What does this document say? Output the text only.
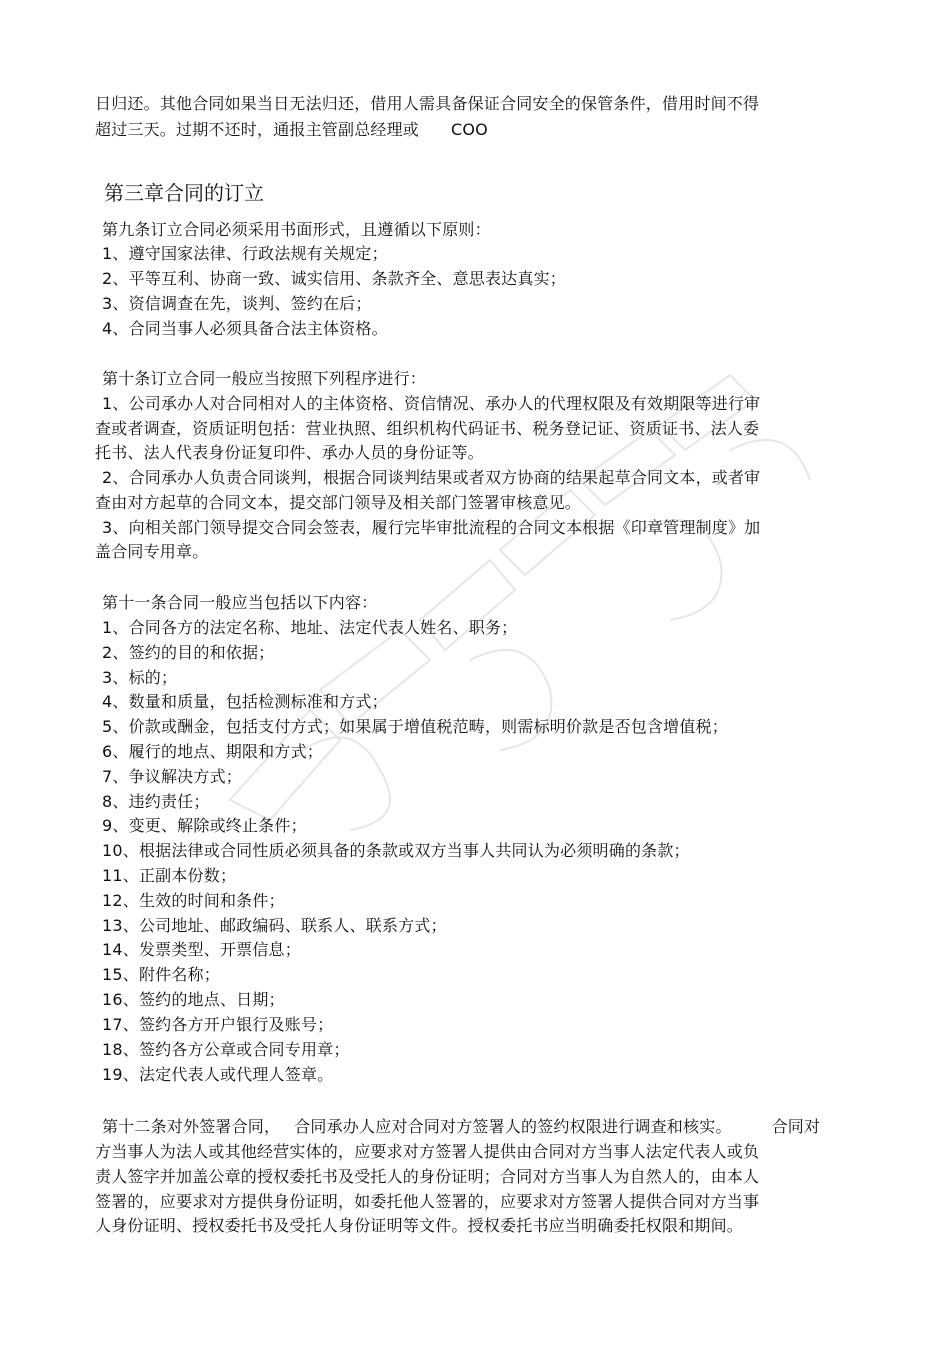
日归还。其他合同如果当日无法归还，借用人需具备保证合同安全的保管条件，借用时间不得
超过三天。过期不还时，通报主管副总经理或 COO
第三章合同的订立
第九条订立合同必须采用书面形式，且遵循以下原则：
1、遵守国家法律、行政法规有关规定；
2、平等互利、协商一致、诚实信用、条款齐全、意思表达真实；
3、资信调查在先，谈判、签约在后；
4、合同当事人必须具备合法主体资格。
第十条订立合同一般应当按照下列程序进行：
1、公司承办人对合同相对人的主体资格、资信情况、承办人的代理权限及有效期限等进行审
查或者调查，资质证明包括：营业执照、组织机构代码证书、税务登记证、资质证书、法人委
托书、法人代表身份证复印件、承办人员的身份证等。
2、合同承办人负责合同谈判，根据合同谈判结果或者双方协商的结果起草合同文本，或者审
查由对方起草的合同文本，提交部门领导及相关部门签署审核意见。
3、向相关部门领导提交合同会签表，履行完毕审批流程的合同文本根据《印章管理制度》加
盖合同专用章。
第十一条合同一般应当包括以下内容：
1、合同各方的法定名称、地址、法定代表人姓名、职务；
2、签约的目的和依据；
3、标的；
4、数量和质量，包括检测标准和方式；
5、价款或酬金，包括支付方式；如果属于增值税范畴，则需标明价款是否包含增值税；
6、履行的地点、期限和方式；
7、争议解决方式；
8、违约责任；
9、变更、解除或终止条件；
10、根据法律或合同性质必须具备的条款或双方当事人共同认为必须明确的条款；
11、正副本份数；
12、生效的时间和条件；
13、公司地址、邮政编码、联系人、联系方式；
14、发票类型、开票信息；
15、附件名称；
16、签约的地点、日期；
17、签约各方开户银行及账号；
18、签约各方公章或合同专用章；
19、法定代表人或代理人签章。
第十二条对外签署合同， 合同承办人应对合同对方签署人的签约权限进行调查和核实。	合同对
方当事人为法人或其他经营实体的，应要求对方签署人提供由合同对方当事人法定代表人或负
责人签字并加盖公章的授权委托书及受托人的身份证明；合同对方当事人为自然人的，由本人
签署的，应要求对方提供身份证明，如委托他人签署的，应要求对方签署人提供合同对方当事
人身份证明、授权委托书及受托人身份证明等文件。授权委托书应当明确委托权限和期间。
